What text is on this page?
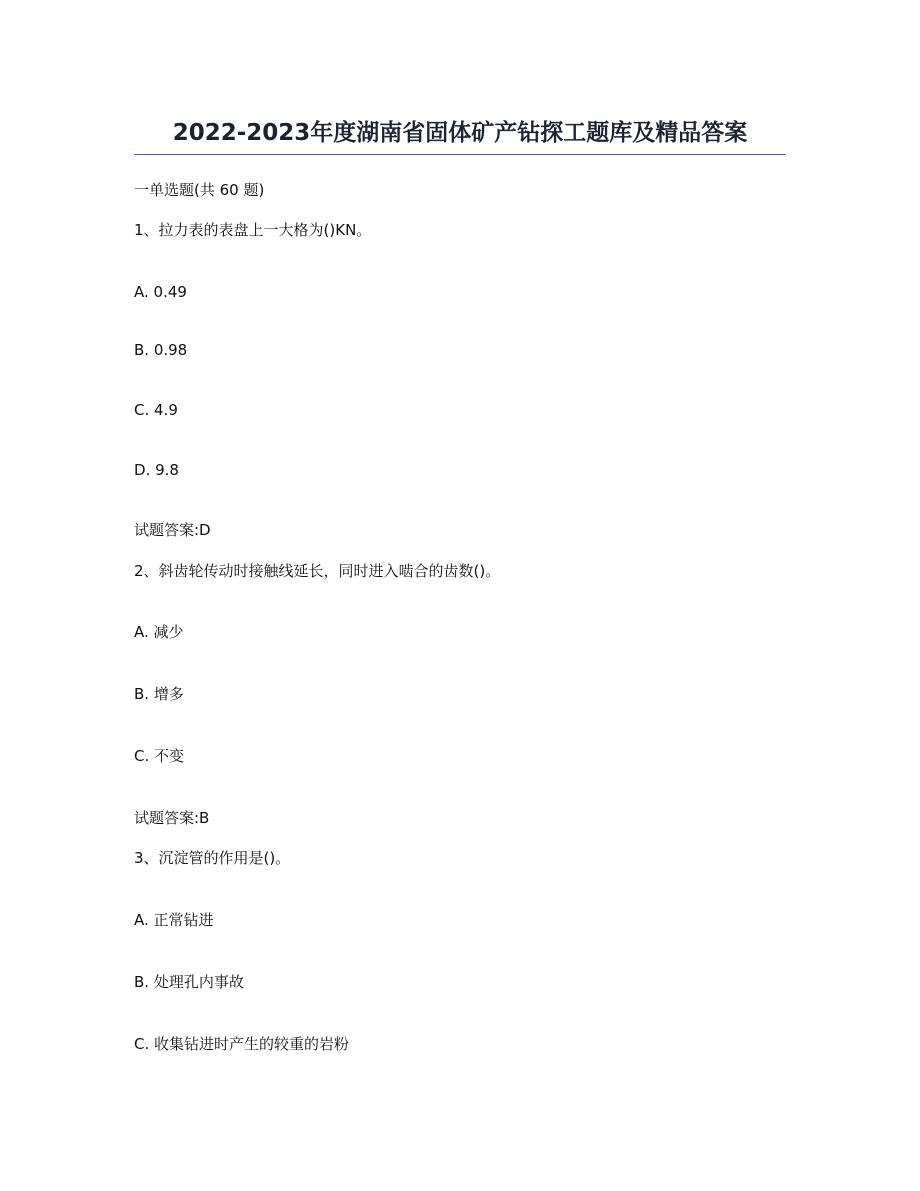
2022-2023年度湖南省固体矿产钻探工题库及精品答案
一单选题(共 60 题)
1、拉力表的表盘上一大格为()KN。
A. 0.49
B. 0.98
C. 4.9
D. 9.8
试题答案:D
2、斜齿轮传动时接触线延长，同时进入啮合的齿数()。
A. 减少
B. 增多
C. 不变
试题答案:B
3、沉淀管的作用是()。
A. 正常钻进
B. 处理孔内事故
C. 收集钻进时产生的较重的岩粉
